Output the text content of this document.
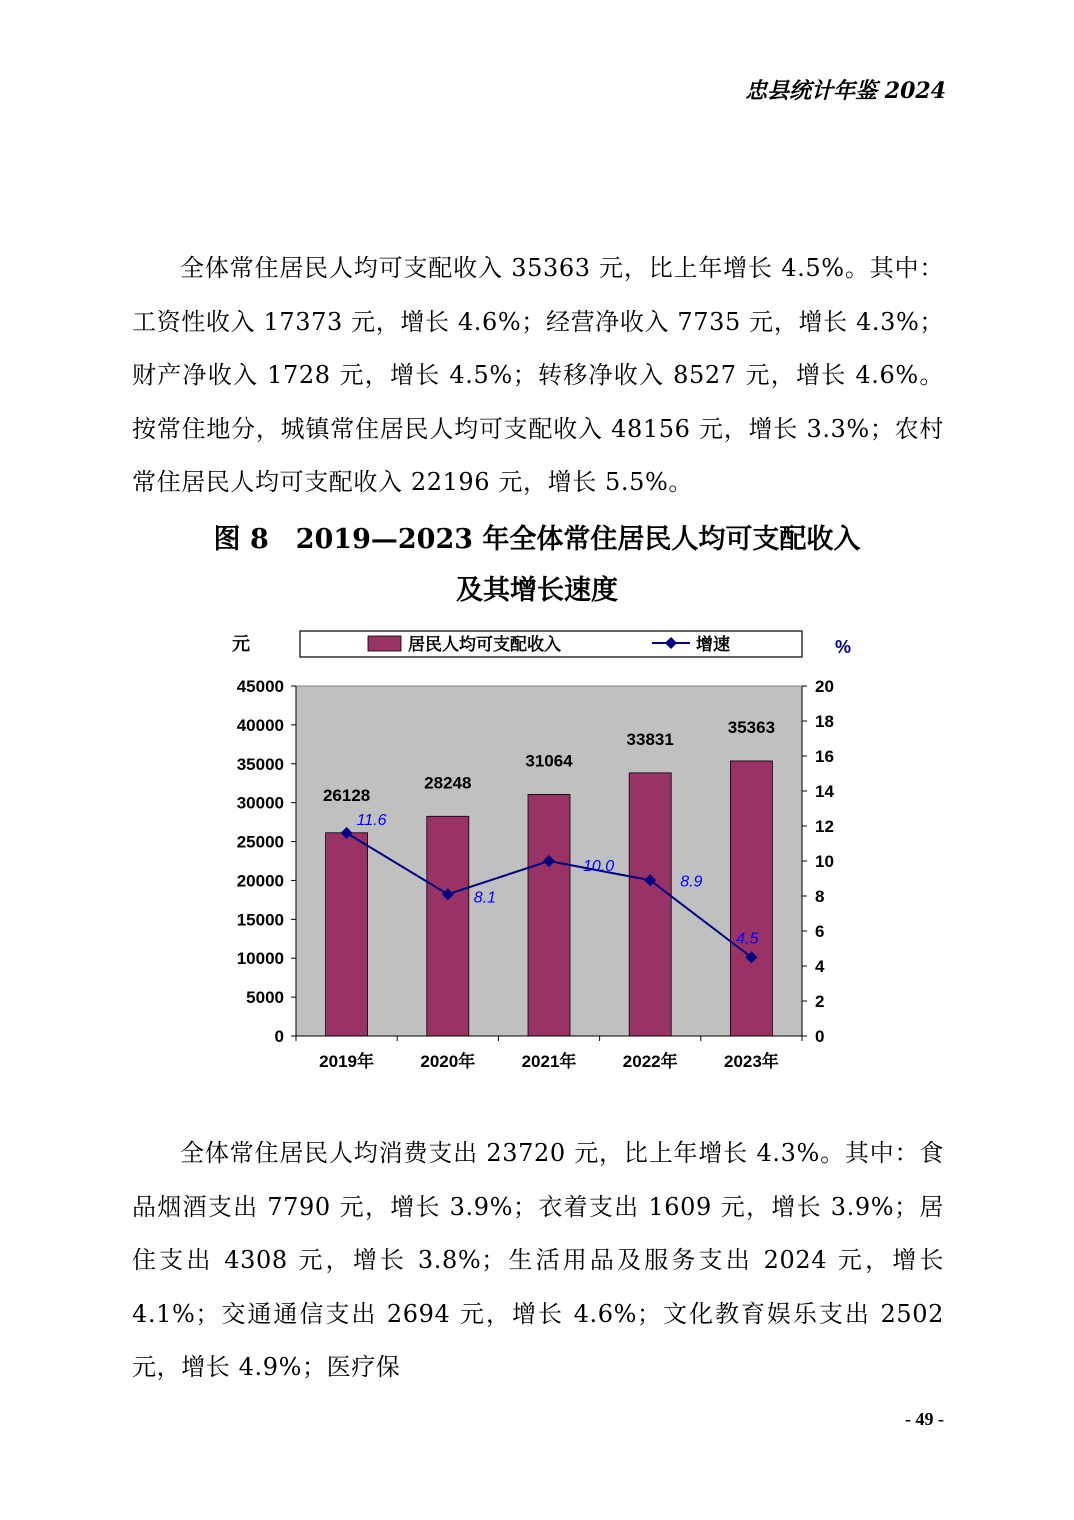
忠县统计年鉴 2024

全体常住居民人均可支配收入 35363 元，比上年增长 4.5%。其中：工资性收入 17373 元，增长 4.6%；经营净收入 7735 元，增长 4.3%；财产净收入 1728 元，增长 4.5%；转移净收入 8527 元，增长 4.6%。按常住地分，城镇常住居民人均可支配收入 48156 元，增长 3.3%；农村常住居民人均可支配收入 22196 元，增长 5.5%。

图 8　2019—2023 年全体常住居民人均可支配收入
及其增长速度
0
5000
10000
15000
20000
25000
30000
35000
40000
45000
0
2
4
6
8
10
12
14
16
18
20
26128
28248
31064
33831
35363
11.6
8.1
10.0
8.9
4.5
2019年	2020年	2021年	2022年	2023年
居民人均可支配收入	增速
元	%

全体常住居民人均消费支出 23720 元，比上年增长 4.3%。其中：食品烟酒支出 7790 元，增长 3.9%；衣着支出 1609 元，增长 3.9%；居住支出 4308 元，增长 3.8%；生活用品及服务支出 2024 元，增长 4.1%；交通通信支出 2694 元，增长 4.6%；文化教育娱乐支出 2502 元，增长 4.9%；医疗保

- 49 -
